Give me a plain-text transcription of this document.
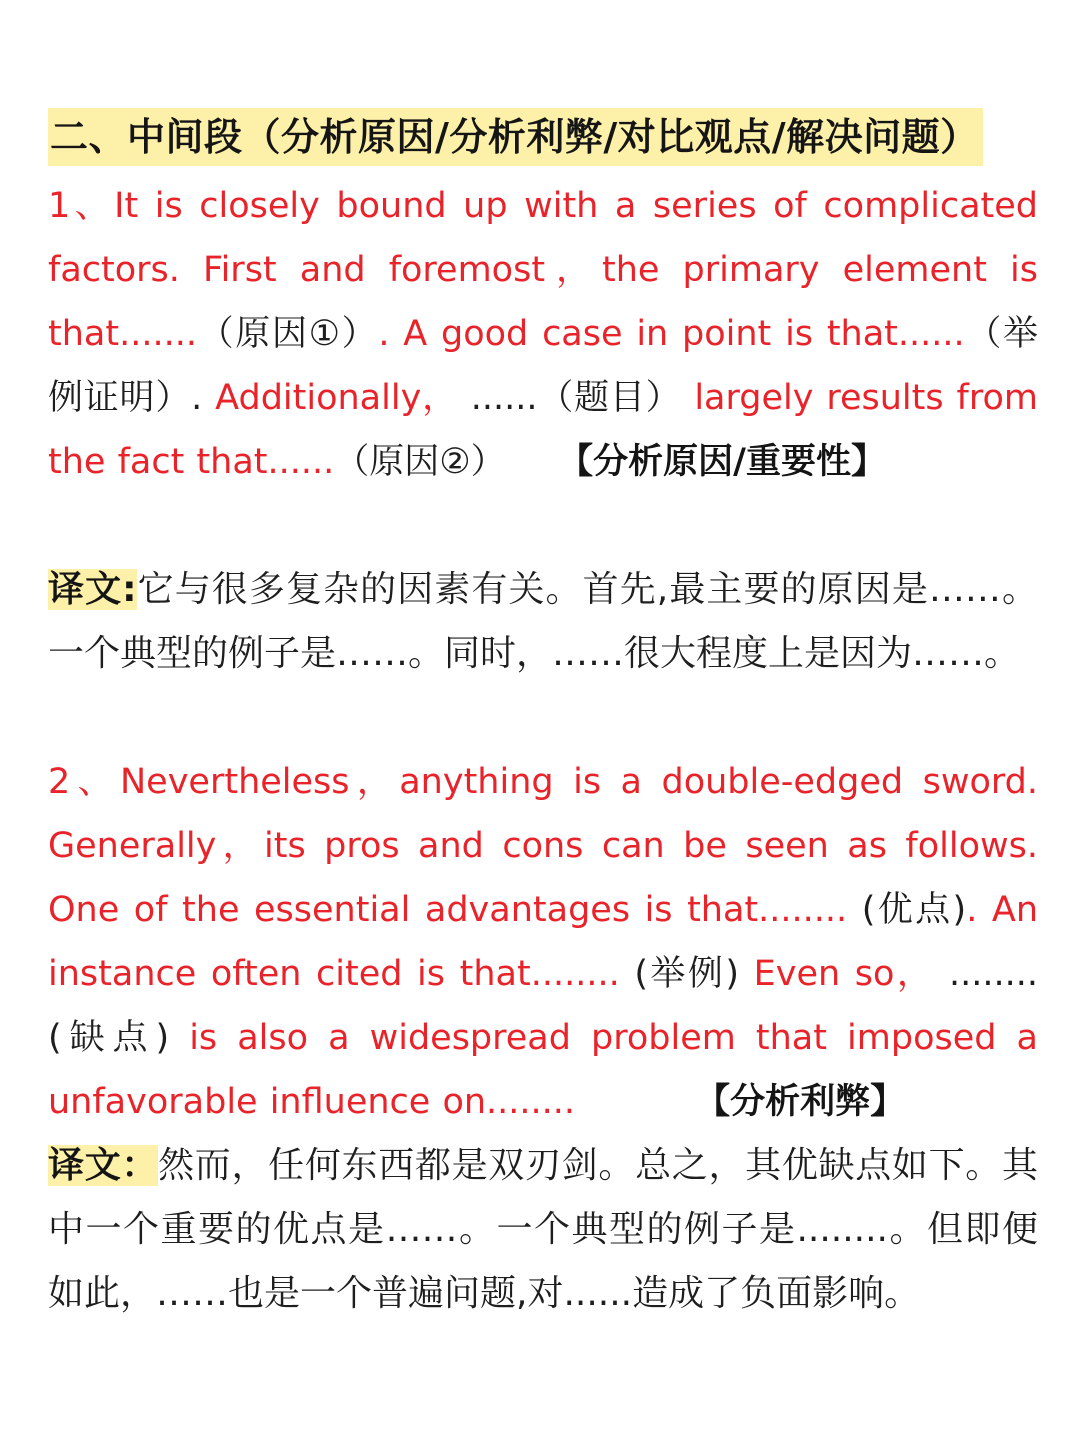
二、中间段（分析原因/分析利弊/对比观点/解决问题）
1、It is closely bound up with a series of complicated factors. First and foremost，the primary element is that.......（原因①）. A good case in point is that......（举例证明）. Additionally， ......（题目） largely results from the fact that......（原因②） 【分析原因/重要性】
译文:它与很多复杂的因素有关。首先,最主要的原因是……。一个典型的例子是……。同时，……很大程度上是因为……。
2、Nevertheless，anything is a double-edged sword. Generally，its pros and cons can be seen as follows. One of the essential advantages is that........ (优点). An instance often cited is that........ (举例) Even so， ........(缺点) is also a widespread problem that imposed a unfavorable influence on........	【分析利弊】
译文：然而，任何东西都是双刃剑。总之，其优缺点如下。其中一个重要的优点是……。一个典型的例子是........。但即便如此，……也是一个普遍问题,对......造成了负面影响。
